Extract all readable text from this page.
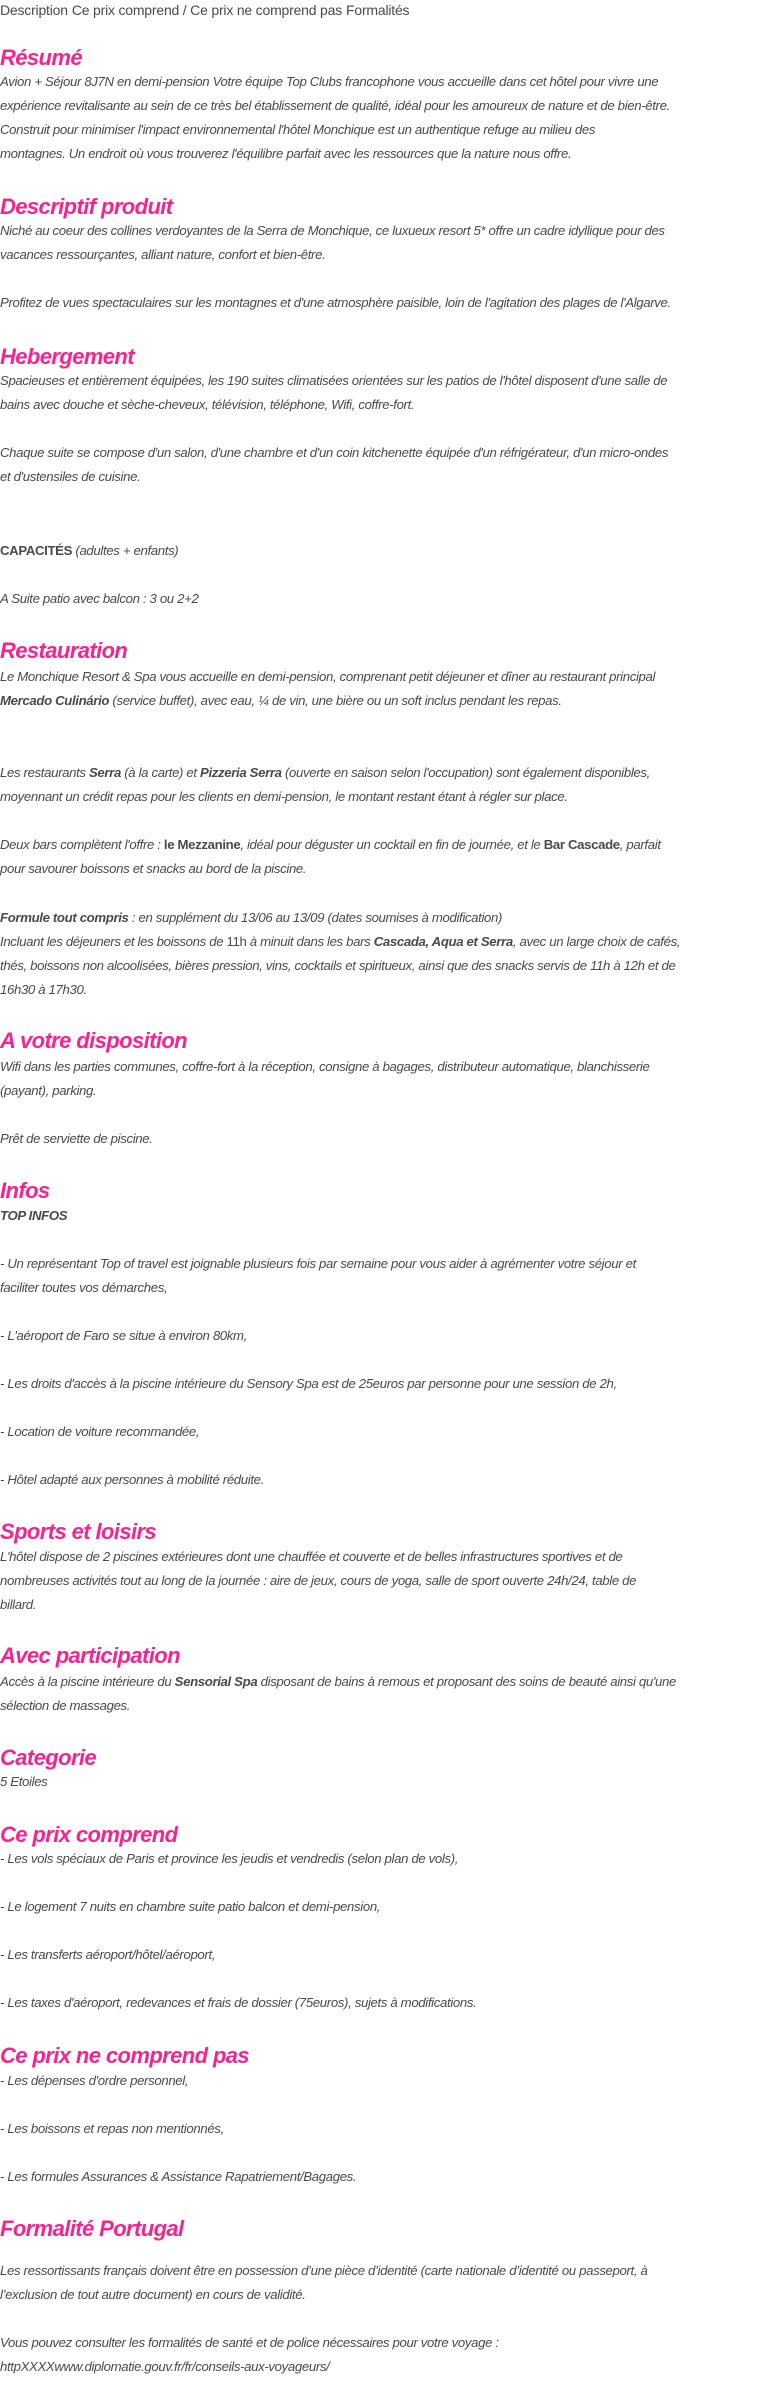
Description Ce prix comprend / Ce prix ne comprend pas Formalités
Résumé

Avion + Séjour 8J7N en demi-pension Votre équipe Top Clubs francophone vous accueille dans cet hôtel pour vivre une

expérience revitalisante au sein de ce très bel établissement de qualité, idéal pour les amoureux de nature et de bien-être.

Construit pour minimiser l'impact environnemental l'hôtel Monchique est un authentique refuge au milieu des

montagnes. Un endroit où vous trouverez l'équilibre parfait avec les ressources que la nature nous offre.

Descriptif produit

Niché au coeur des collines verdoyantes de la Serra de Monchique, ce luxueux resort 5* offre un cadre idyllique pour des

vacances ressourçantes, alliant nature, confort et bien-être.

Profitez de vues spectaculaires sur les montagnes et d'une atmosphère paisible, loin de l'agitation des plages de l'Algarve.

Hebergement

Spacieuses et entièrement équipées, les 190 suites climatisées orientées sur les patios de l'hôtel disposent d'une salle de

bains avec douche et sèche-cheveux, télévision, téléphone, Wifi, coffre-fort.

Chaque suite se compose d'un salon, d'une chambre et d'un coin kitchenette équipée d'un réfrigérateur, d'un micro-ondes

et d'ustensiles de cuisine.

CAPACITÉS (adultes + enfants)

A Suite patio avec balcon : 3 ou 2+2

Restauration

Le Monchique Resort & Spa vous accueille en demi-pension, comprenant petit déjeuner et dîner au restaurant principal

Mercado Culinário (service buffet), avec eau, ¼ de vin, une bière ou un soft inclus pendant les repas.

Les restaurants Serra (à la carte) et Pizzeria Serra (ouverte en saison selon l'occupation) sont également disponibles,

moyennant un crédit repas pour les clients en demi-pension, le montant restant étant à régler sur place.

Deux bars complètent l'offre : le Mezzanine, idéal pour déguster un cocktail en fin de journée, et le Bar Cascade, parfait

pour savourer boissons et snacks au bord de la piscine.

Formule tout compris : en supplément du 13/06 au 13/09 (dates soumises à modification)

Incluant les déjeuners et les boissons de 11h à minuit dans les bars Cascada, Aqua et Serra, avec un large choix de cafés,

thés, boissons non alcoolisées, bières pression, vins, cocktails et spiritueux, ainsi que des snacks servis de 11h à 12h et de

16h30 à 17h30.

A votre disposition

Wifi dans les parties communes, coffre-fort à la réception, consigne à bagages, distributeur automatique, blanchisserie

(payant), parking.

Prêt de serviette de piscine.

Infos

TOP INFOS

- Un représentant Top of travel est joignable plusieurs fois par semaine pour vous aider à agrémenter votre séjour et

faciliter toutes vos démarches,

- L'aéroport de Faro se situe à environ 80km,

- Les droits d'accès à la piscine intérieure du Sensory Spa est de 25euros par personne pour une session de 2h,

- Location de voiture recommandée,

- Hôtel adapté aux personnes à mobilité réduite.

Sports et loisirs

L'hôtel dispose de 2 piscines extérieures dont une chauffée et couverte et de belles infrastructures sportives et de

nombreuses activités tout au long de la journée : aire de jeux, cours de yoga, salle de sport ouverte 24h/24, table de

billard.

Avec participation

Accès à la piscine intérieure du Sensorial Spa disposant de bains à remous et proposant des soins de beauté ainsi qu'une

sélection de massages.

Categorie

5 Etoiles

Ce prix comprend

- Les vols spéciaux de Paris et province les jeudis et vendredis (selon plan de vols),

- Le logement 7 nuits en chambre suite patio balcon et demi-pension,

- Les transferts aéroport/hôtel/aéroport,

- Les taxes d'aéroport, redevances et frais de dossier (75euros), sujets à modifications.

Ce prix ne comprend pas

- Les dépenses d'ordre personnel,

- Les boissons et repas non mentionnés,

- Les formules Assurances & Assistance Rapatriement/Bagages.

Formalité Portugal

Les ressortissants français doivent être en possession d’une pièce d’identité (carte nationale d’identité ou passeport, à

l’exclusion de tout autre document) en cours de validité.

Vous pouvez consulter les formalités de santé et de police nécessaires pour votre voyage :

httpXXXXwww.diplomatie.gouv.fr/fr/conseils-aux-voyageurs/
